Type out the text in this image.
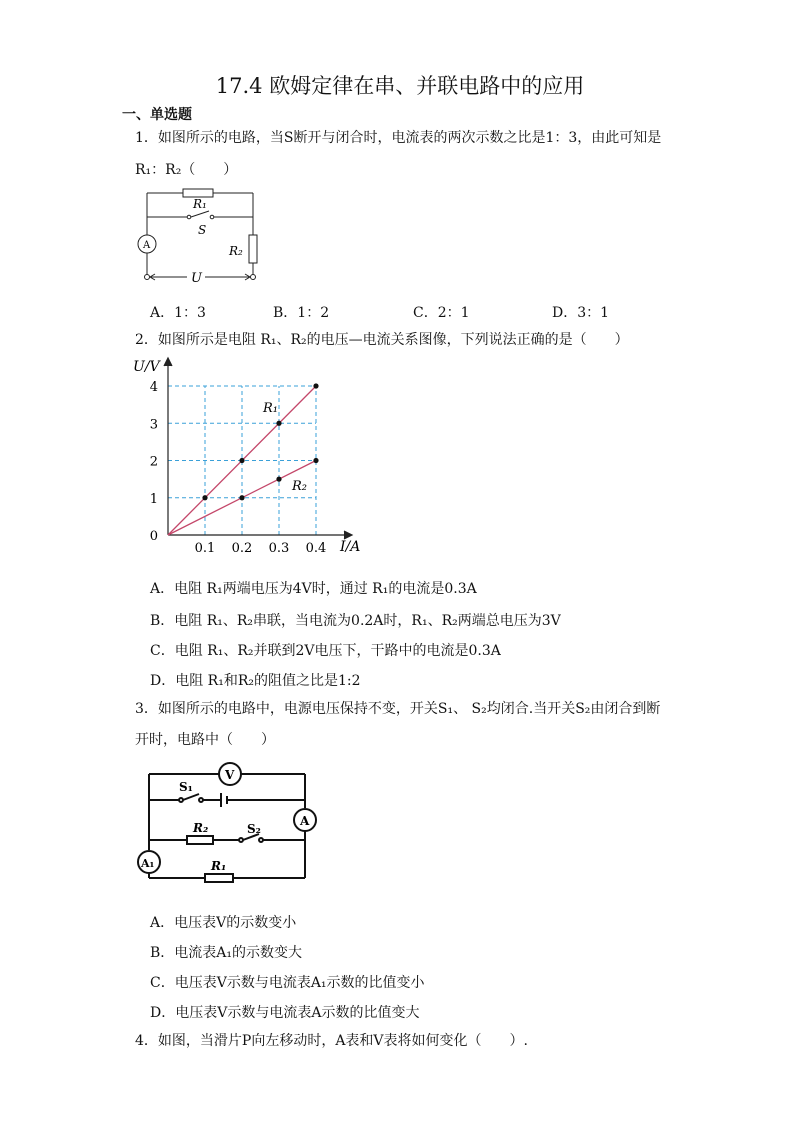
17.4 欧姆定律在串、并联电路中的应用
一、单选题
1．如图所示的电路，当S断开与闭合时，电流表的两次示数之比是1：3，由此可知是
R₁：R₂（　　）
R₁
S
A	R₂
U
A．1：3	B．1：2	C．2：1	D．3：1
2．如图所示是电阻 R₁、R₂的电压—电流关系图像，下列说法正确的是（　　）
0.1 0.2 0.3 0.4
0
1
2
3
4
U/V
I/A
R₁
R₂
A．电阻 R₁两端电压为4V时，通过 R₁的电流是0.3A
B．电阻 R₁、R₂串联，当电流为0.2A时，R₁、R₂两端总电压为3V
C．电阻 R₁、R₂并联到2V电压下，干路中的电流是0.3A
D．电阻 R₁和R₂的阻值之比是1:2
3．如图所示的电路中，电源电压保持不变，开关S₁、 S₂均闭合.当开关S₂由闭合到断
开时，电路中（　　）
V
A
A₁
S₁
S₂
R₂
R₁
A．电压表V的示数变小
B．电流表A₁的示数变大
C．电压表V示数与电流表A₁示数的比值变小
D．电压表V示数与电流表A示数的比值变大
4．如图，当滑片P向左移动时，A表和V表将如何变化（　　）.
